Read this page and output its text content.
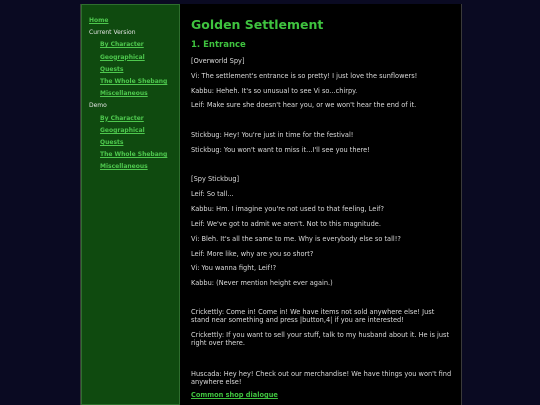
Home
Current Version
By Character
Geographical
Quests
The Whole Shebang
Miscellaneous
Demo
By Character
Geographical
Quests
The Whole Shebang
Miscellaneous
Golden Settlement
1. Entrance
[Overworld Spy]
Vi: The settlement's entrance is so pretty! I just love the sunflowers!
Kabbu: Heheh. It's so unusual to see Vi so...chirpy.
Leif: Make sure she doesn't hear you, or we won't hear the end of it.
Stickbug: Hey! You're just in time for the festival!
Stickbug: You won't want to miss it...I'll see you there!
[Spy Stickbug]
Leif: So tall...
Kabbu: Hm. I imagine you're not used to that feeling, Leif?
Leif: We've got to admit we aren't. Not to this magnitude.
Vi: Bleh. It's all the same to me. Why is everybody else so tall!?
Leif: More like, why are you so short?
Vi: You wanna fight, Leif!?
Kabbu: (Never mention height ever again.)
Crickettly: Come in! Come in! We have items not sold anywhere else! Just stand near something and press |button,4| if you are interested!
Crickettly: If you want to sell your stuff, talk to my husband about it. He is just right over there.
Huscada: Hey hey! Check out our merchandise! We have things you won't find anywhere else!
Common shop dialogue
